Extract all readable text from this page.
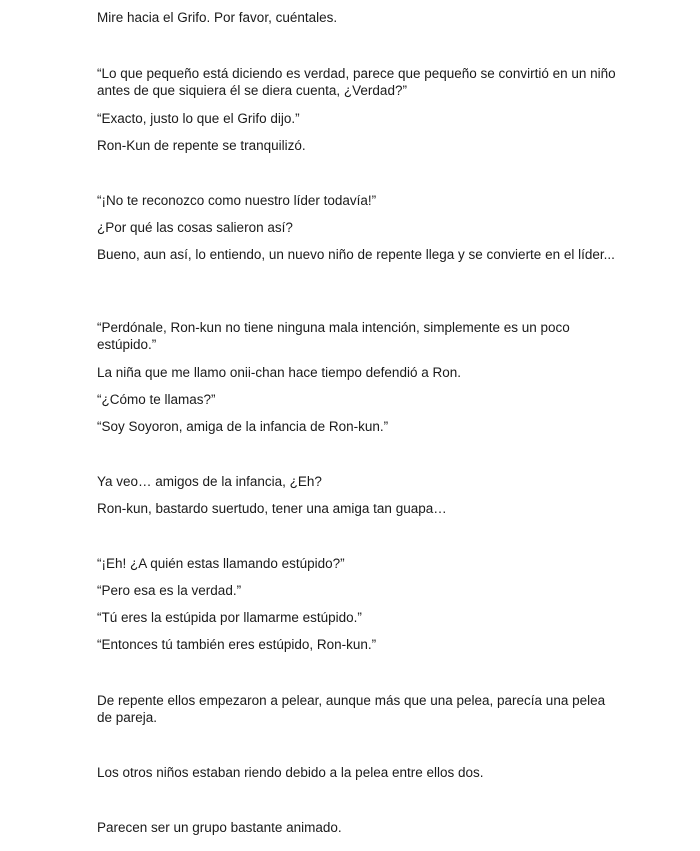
Mire hacia el Grifo. Por favor, cuéntales.

“Lo que pequeño está diciendo es verdad, parece que pequeño se convirtió en un niño antes de que siquiera él se diera cuenta, ¿Verdad?”

“Exacto, justo lo que el Grifo dijo.”

Ron-Kun de repente se tranquilizó.

“¡No te reconozco como nuestro líder todavía!”

¿Por qué las cosas salieron así?

Bueno, aun así, lo entiendo, un nuevo niño de repente llega y se convierte en el líder...

“Perdónale, Ron-kun no tiene ninguna mala intención, simplemente es un poco estúpido.”

La niña que me llamo onii-chan hace tiempo defendió a Ron.

“¿Cómo te llamas?”

“Soy Soyoron, amiga de la infancia de Ron-kun.”

Ya veo… amigos de la infancia, ¿Eh?

Ron-kun, bastardo suertudo, tener una amiga tan guapa…

“¡Eh! ¿A quién estas llamando estúpido?”

“Pero esa es la verdad.”

“Tú eres la estúpida por llamarme estúpido.”

“Entonces tú también eres estúpido, Ron-kun.”

De repente ellos empezaron a pelear, aunque más que una pelea, parecía una pelea de pareja.

Los otros niños estaban riendo debido a la pelea entre ellos dos.

Parecen ser un grupo bastante animado.
